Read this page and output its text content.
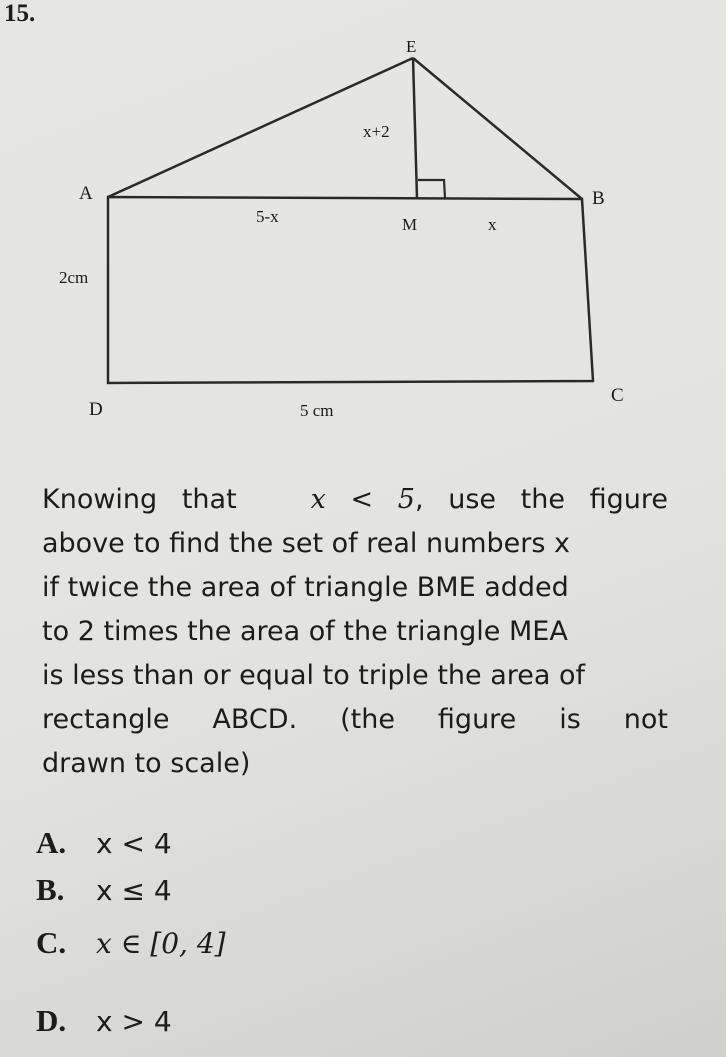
15.
E
x+2
A	B
5-x	M	x
2cm
D
C
5 cm
Knowing that	x < 5, use the figure
above to find the set of real numbers x
if twice the area of triangle BME added
to 2 times the area of the triangle MEA
is less than or equal to triple the area of
rectangle ABCD. (the figure is not
drawn to scale)
A.	x < 4
B.	x ≤ 4
C.	x ∈ [0, 4]
D.	x > 4
